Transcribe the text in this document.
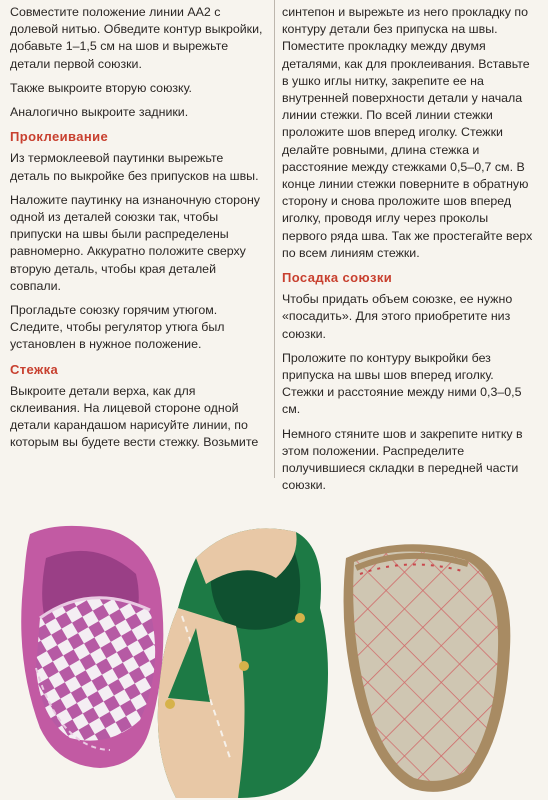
Совместите положение линии АА2 с долевой нитью. Обведите контур выкройки, добавьте 1–1,5 см на шов и вырежьте детали первой союзки.

Также выкроите вторую союзку.

Аналогично выкроите задники.

Проклеивание

Из термоклеевой паутинки вырежьте деталь по выкройке без припусков на швы.

Наложите паутинку на изнаночную сторону одной из деталей союзки так, чтобы припуски на швы были распределены равномерно. Аккуратно положите сверху вторую деталь, чтобы края деталей совпали.

Прогладьте союзку горячим утюгом. Следите, чтобы регулятор утюга был установлен в нужное положение.

Стежка

Выкроите детали верха, как для склеивания. На лицевой стороне одной детали карандашом нарисуйте линии, по которым вы будете вести стежку. Возьмите

синтепон и вырежьте из него прокладку по контуру детали без припуска на швы. Поместите прокладку между двумя деталями, как для проклеивания. Вставьте в ушко иглы нитку, закрепите ее на внутренней поверхности детали у начала линии стежки. По всей линии стежки проложите шов вперед иголку. Стежки делайте ровными, длина стежка и расстояние между стежками 0,5–0,7 см. В конце линии стежки поверните в обратную сторону и снова проложите шов вперед иголку, проводя иглу через проколы первого ряда шва. Так же простегайте верх по всем линиям стежки.

Посадка союзки

Чтобы придать объем союзке, ее нужно «посадить». Для этого приобретите низ союзки.

Проложите по контуру выкройки без припуска на швы шов вперед иголку. Стежки и расстояние между ними 0,3–0,5 см.

Немного стяните шов и закрепите нитку в этом положении. Распределите получившиеся складки в передней части союзки.
